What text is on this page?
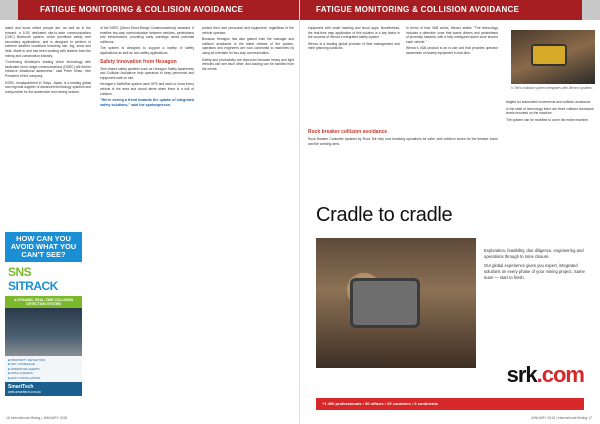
FATIGUE MONITORING & COLLISION AVOIDANCE

stand and know where people are, as well as in the forward, a 6-50 dedicated site-to-wide communications (CMC) Bluetooth system, which prioritises safety over secondary applications, and is designed to perform in extreme weather conditions including rain, fog, snow and heat. Made in and has been working with leaders from the mining and construction industry.

"Combining Mobileye's leading driver technology with dedicated short range communications (DSRC) will further enhance situational awareness," said Peter Shaw, Vice President of the company.

DSRC, headquartered in Tokyo, Japan, is a leading global and regional supplier of advanced technology systems and components for the automotive and mining sectors.

of the DSRC (Direct Short-Range Communications) standard. It enables two-way communication between vehicles, pedestrians and infrastructure, providing early warnings about potential collisions.

The system is designed to support a variety of safety applications as well as non-safety applications.

Safety Innovation from Hexagon

Tech-based safety systems such as Hexagon Safety Awareness and Collision Avoidance help operators to keep personnel and equipment safe on site.

Hexagon's SafeMine system uses GPS and radio to show every vehicle in the area and sound alerts when there is a risk of collision.

"We're seeing a trend towards the uptake of integrated safety solutions," said the spokesperson.

protect their own personnel and equipment, regardless of the vehicle operator.

Because Hexagon has also gained from the manager and collision avoidance is the latest release of the system, operators and engineers are now connected to machines by using an interface for two-way communication.

Safety and productivity are improved because heavy and light vehicles can see each other, and loading can be handled from the centre.

HOW CAN YOU AVOID WHAT YOU CAN'T SEE?
SNS SITRACK
A DYNAMIC, REAL-TIME COLLISION DETECTION SYSTEM
■ PROXIMITY DETECTION
■ 360° COVERAGE
■ OPERATOR ALERTS
■ DATA LOGGING
■ EASY INSTALLATION
SmartTech
www.smarttech.com.au
16 International Mining | JANUARY 2018
FATIGUE MONITORING & COLLISION AVOIDANCE

equipment with smart tracking and cloud apps. Nonetheless, the real-time map application of this solution is a key factor in the success of Wenco's integrated safety system.

Wenco is a leading global provider of fleet management and mine planning solutions.

In terms of how V&B works, Wenco states: "The technology includes a detection zone that warns drivers and pedestrians of proximity hazards, with a fully configured alarm zone around each vehicle."

Wenco's V&B product is an in-cab unit that provides operator awareness of nearby equipment in real-time.

Rock breaker collision avoidance

Rock Breaker Controller systems by Rock Tek help rock breaking operations be safer, with collision zones for the breaker boom and the working area.

V-Tek's collision system integrates with Wenco systems.

targets for automated movements and collision avoidance.

In the state of technology there are three collision avoidance levels mounted on the machine.

The system can be modified to cover the entire machine.

Cradle to cradle

Exploration, feasibility, due diligence, engineering and operations through to mine closure.

Our global experience gives you expert, integrated solutions on every phase of your mining project. Same team — start to finish.

srk.com
+1 400 professionals • 50 offices • 20 countries • 6 continents
JANUARY 2018 | International Mining 17
